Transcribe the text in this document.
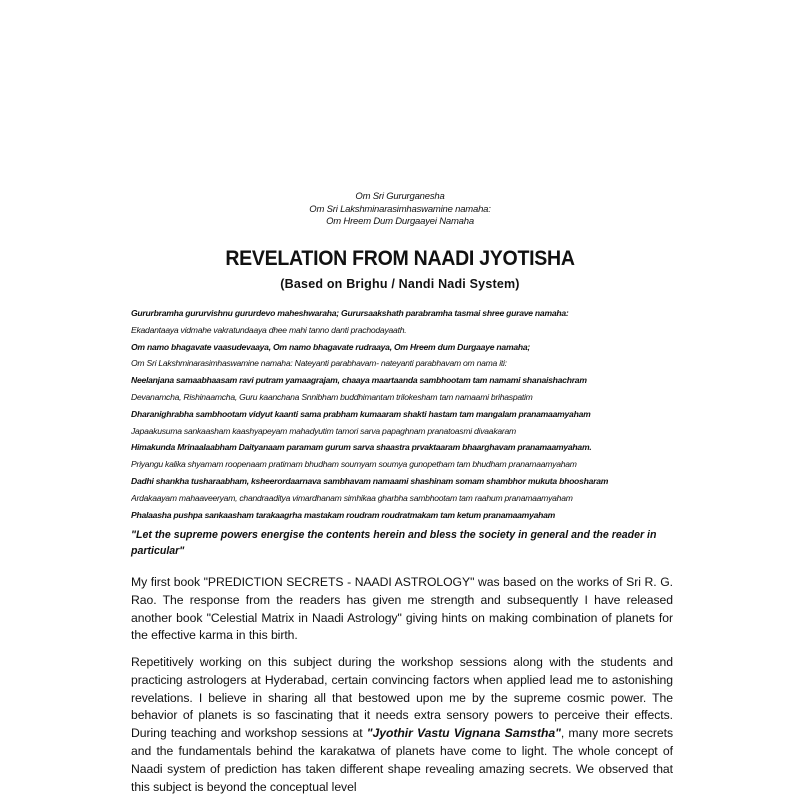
Om Sri Gururganesha
Om Sri Lakshminarasimhaswamine namaha:
Om Hreem Dum Durgaayei Namaha
REVELATION FROM NAADI JYOTISHA
(Based on Brighu / Nandi Nadi System)
Gururbramha gururvishnu gururdevo maheshwaraha; Gurursaakshath parabramha tasmai shree gurave namaha:
Ekadantaaya vidmahe vakratundaaya dhee mahi tanno danti prachodayaath.
Om namo bhagavate vaasudevaaya, Om namo bhagavate rudraaya, Om Hreem dum Durgaaye namaha;
Om Sri Lakshminarasimhaswamine namaha: Nateyanti parabhavam- nateyanti parabhavam om nama iti:
Neelanjana samaabhaasam ravi putram yamaagrajam, chaaya maartaanda sambhootam tam namami shanaishachram
Devanamcha, Rishinaamcha, Guru kaanchana Snnibham buddhimantam trilokesham tam namaami brihaspatim
Dharanighrabha sambhootam vidyut kaanti sama prabham kumaaram shakti hastam tam mangalam pranamaamyaham
Japaakusuma sankaasham kaashyapeyam mahadyutim tamori sarva papaghnam pranatoasmi divaakaram
Himakunda Mrinaalaabham Daityanaam paramam gurum sarva shaastra prvaktaaram bhaarghavam pranamaamyaham.
Priyangu kalika shyamam roopenaam pratimam bhudham soumyam soumya gunopetham tam bhudham pranamaamyaham
Dadhi shankha tusharaabham, ksheerordaarnava sambhavam namaami shashinam somam shambhor mukuta bhoosharam
Ardakaayam mahaaveeryam, chandraaditya vimardhanam simhikaa gharbha sambhootam tam raahum pranamaamyaham
Phalaasha pushpa sankaasham tarakaagrha mastakam roudram roudratmakam tam ketum pranamaamyaham
"Let the supreme powers energise the contents herein and bless the society in general and the reader in particular"
My first book "PREDICTION SECRETS - NAADI ASTROLOGY" was based on the works of Sri R. G. Rao. The response from the readers has given me strength and subsequently I have released another book "Celestial Matrix in Naadi Astrology" giving hints on making combination of planets for the effective karma in this birth.
Repetitively working on this subject during the workshop sessions along with the students and practicing astrologers at Hyderabad, certain convincing factors when applied lead me to astonishing revelations. I believe in sharing all that bestowed upon me by the supreme cosmic power. The behavior of planets is so fascinating that it needs extra sensory powers to perceive their effects. During teaching and workshop sessions at "Jyothir Vastu Vignana Samstha", many more secrets and the fundamentals behind the karakatwa of planets have come to light. The whole concept of Naadi system of prediction has taken different shape revealing amazing secrets. We observed that this subject is beyond the conceptual level
